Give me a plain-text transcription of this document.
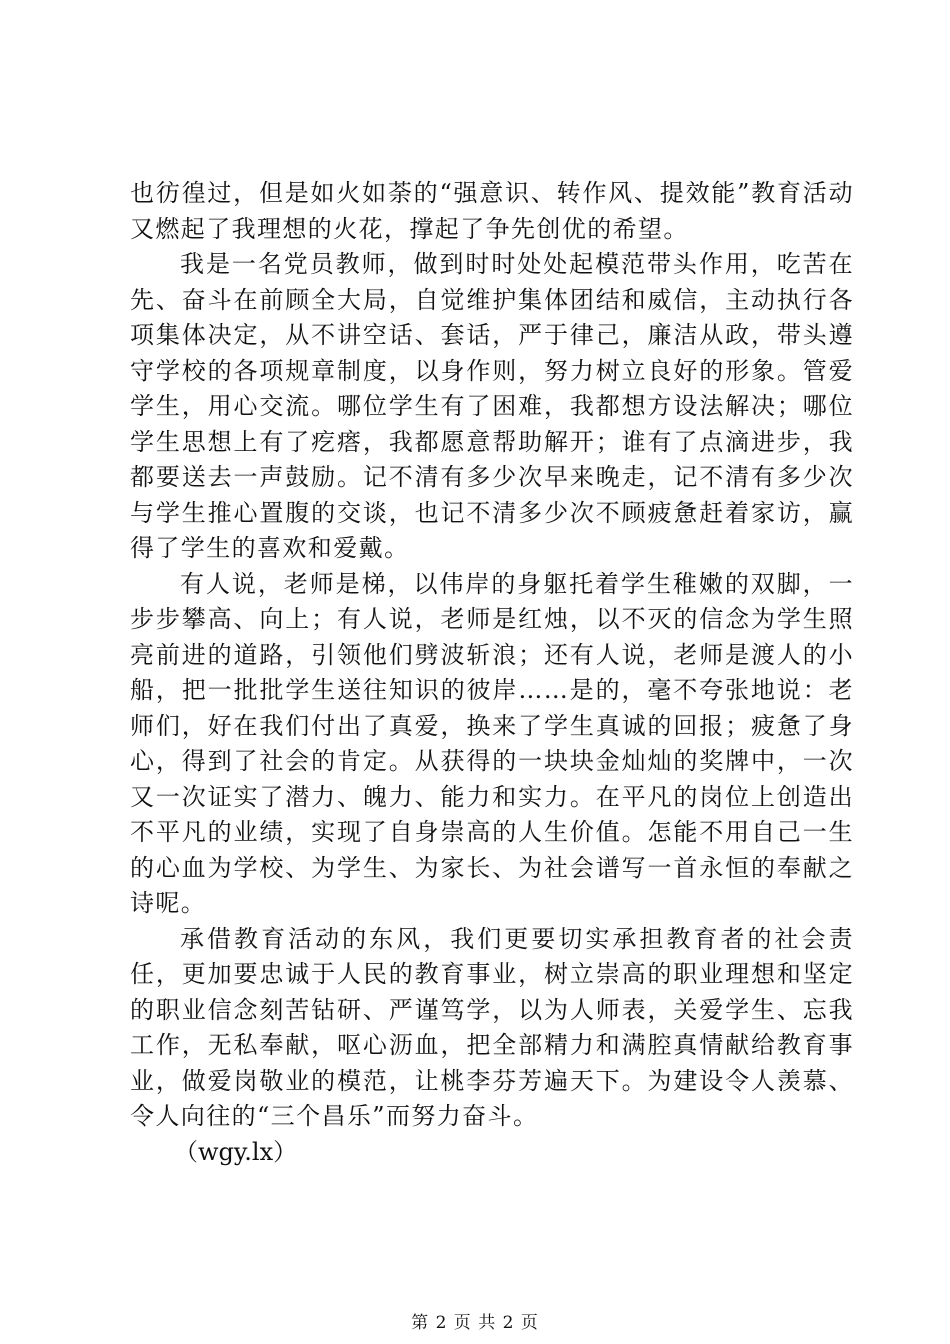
也彷徨过，但是如火如荼的“强意识、转作风、提效能”教育活动又燃起了我理想的火花，撑起了争先创优的希望。

我是一名党员教师，做到时时处处起模范带头作用，吃苦在先、奋斗在前顾全大局，自觉维护集体团结和威信，主动执行各项集体决定，从不讲空话、套话，严于律己，廉洁从政，带头遵守学校的各项规章制度，以身作则，努力树立良好的形象。管爱学生，用心交流。哪位学生有了困难，我都想方设法解决；哪位学生思想上有了疙瘩，我都愿意帮助解开；谁有了点滴进步，我都要送去一声鼓励。记不清有多少次早来晚走，记不清有多少次与学生推心置腹的交谈，也记不清多少次不顾疲惫赶着家访，赢得了学生的喜欢和爱戴。

有人说，老师是梯，以伟岸的身躯托着学生稚嫩的双脚，一步步攀高、向上；有人说，老师是红烛，以不灭的信念为学生照亮前进的道路，引领他们劈波斩浪；还有人说，老师是渡人的小船，把一批批学生送往知识的彼岸……是的，毫不夸张地说：老师们，好在我们付出了真爱，换来了学生真诚的回报；疲惫了身心，得到了社会的肯定。从获得的一块块金灿灿的奖牌中，一次又一次证实了潜力、魄力、能力和实力。在平凡的岗位上创造出不平凡的业绩，实现了自身崇高的人生价值。怎能不用自己一生的心血为学校、为学生、为家长、为社会谱写一首永恒的奉献之诗呢。

承借教育活动的东风，我们更要切实承担教育者的社会责任，更加要忠诚于人民的教育事业，树立崇高的职业理想和坚定的职业信念刻苦钻研、严谨笃学，以为人师表，关爱学生、忘我工作，无私奉献，呕心沥血，把全部精力和满腔真情献给教育事业，做爱岗敬业的模范，让桃李芬芳遍天下。为建设令人羡慕、令人向往的“三个昌乐”而努力奋斗。

（wgy.lx）

第 2 页 共 2 页
